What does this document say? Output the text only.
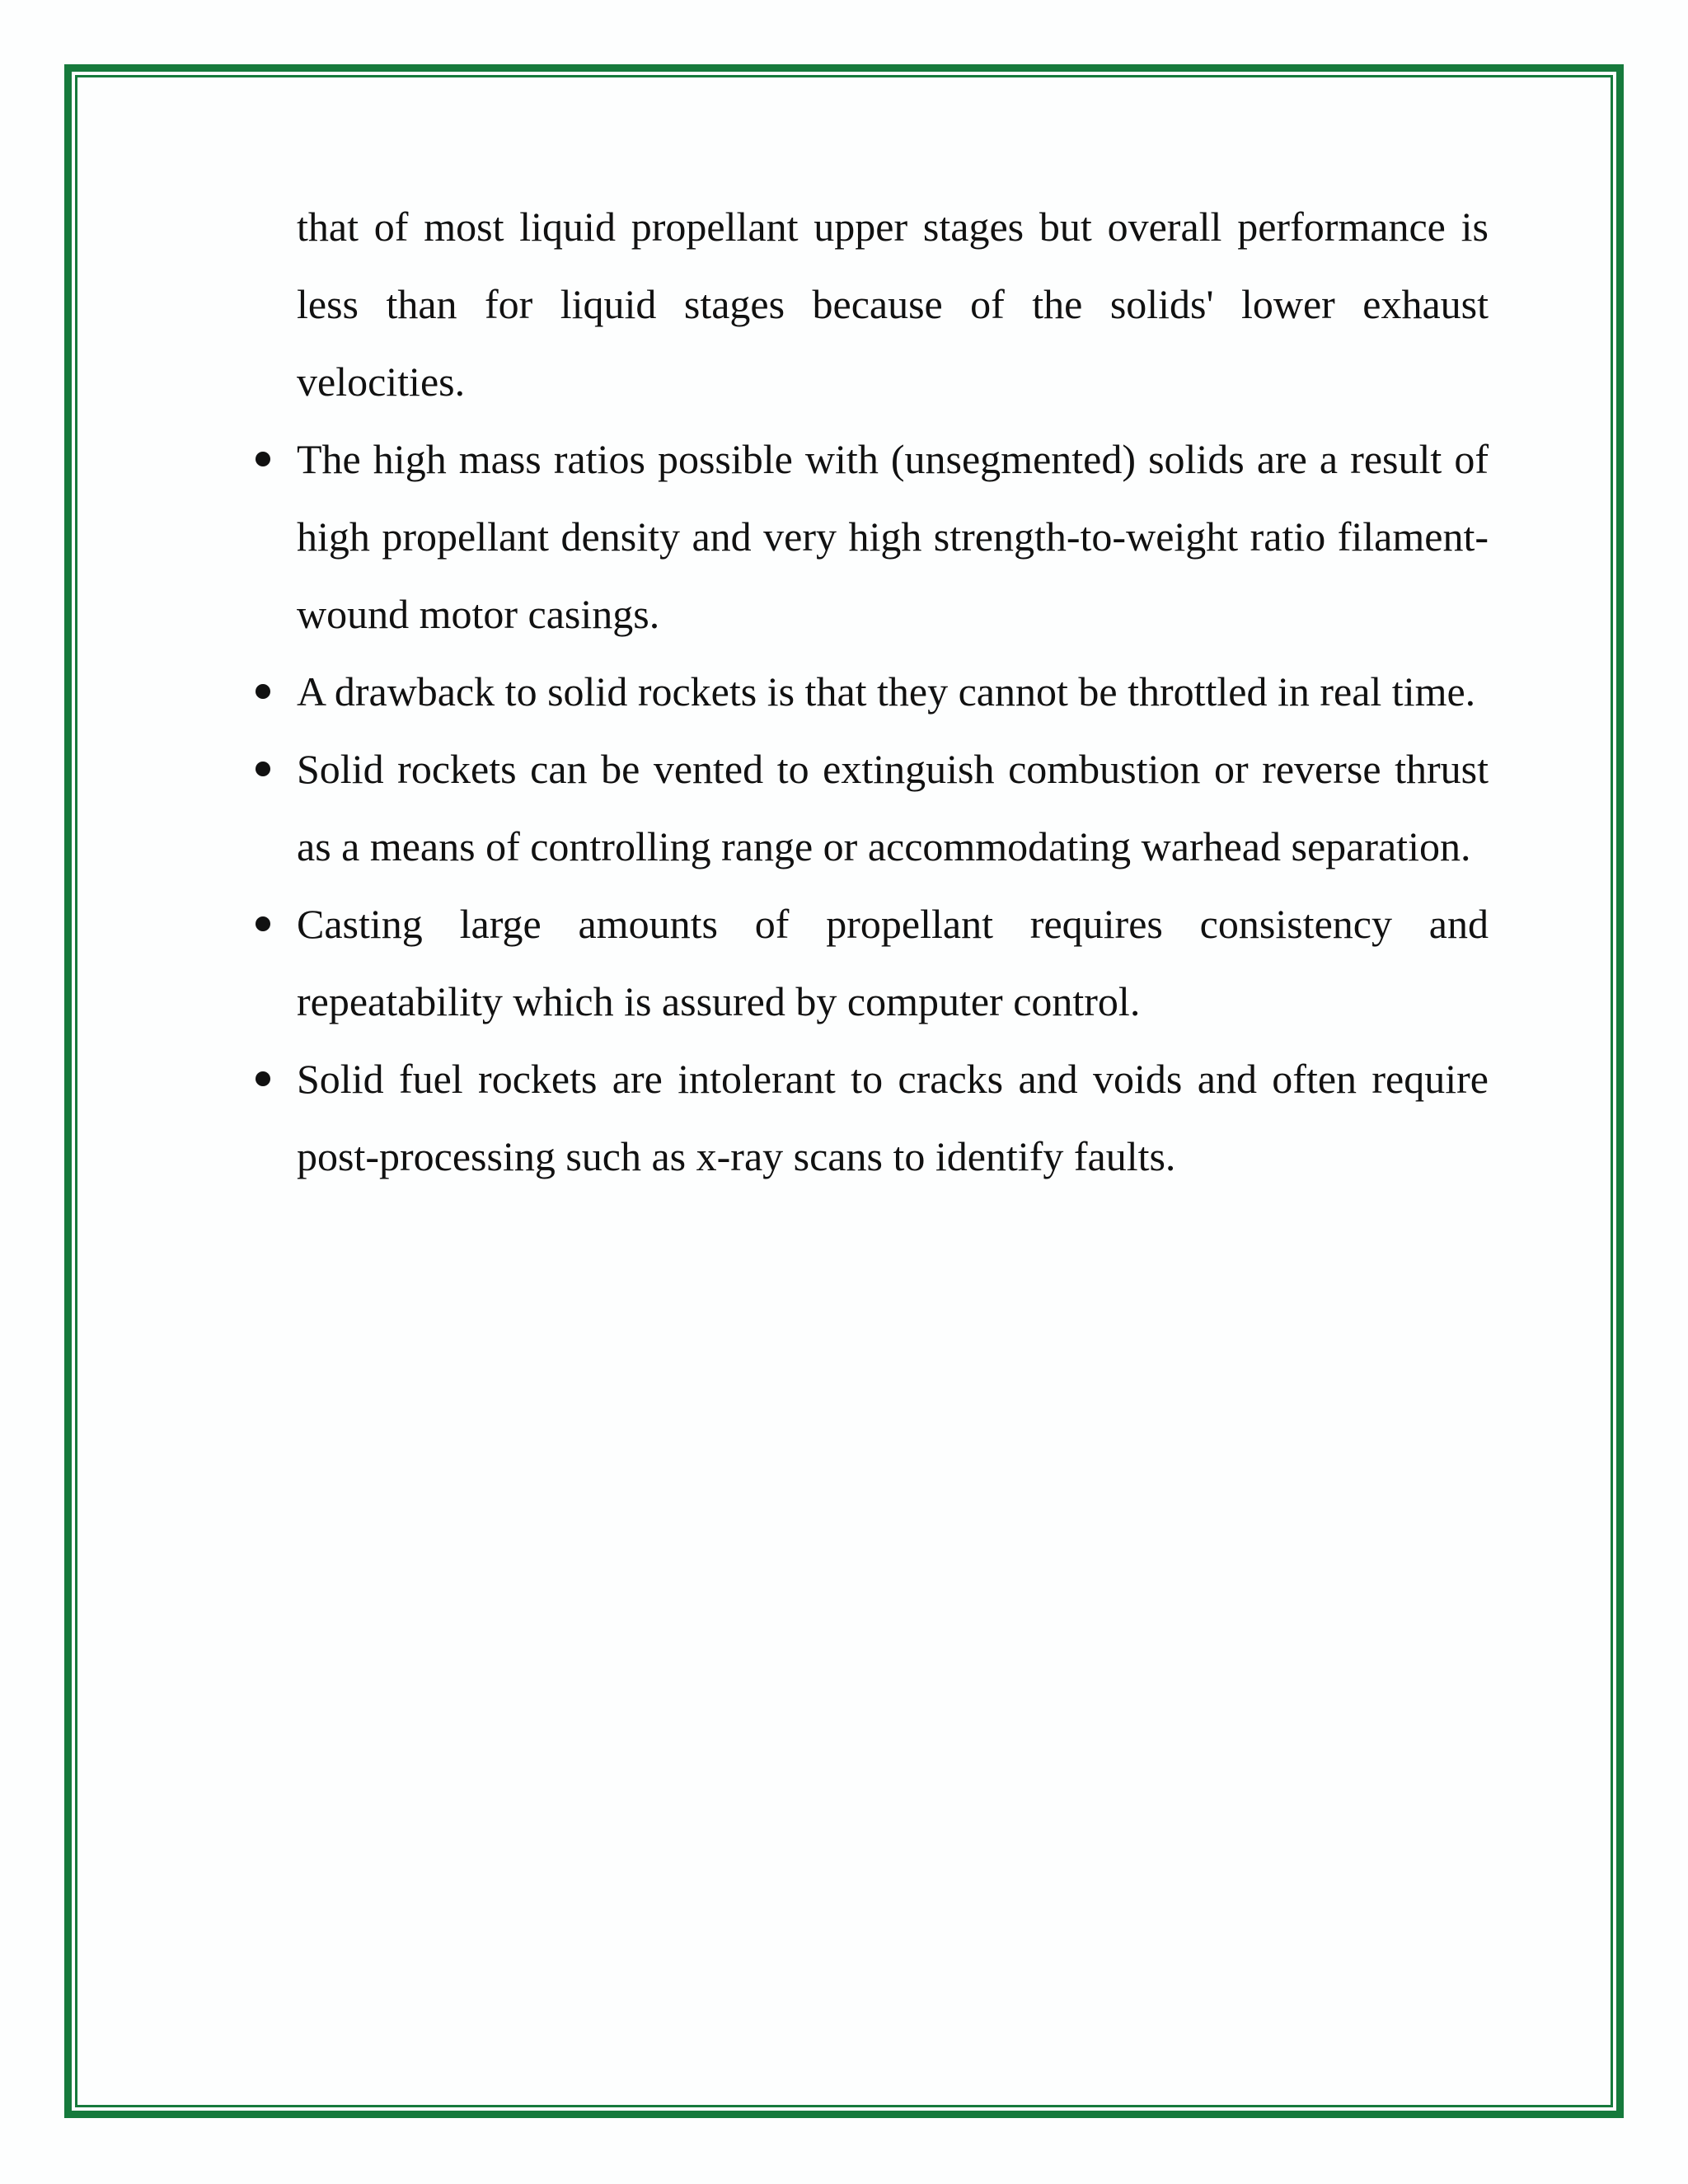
that of most liquid propellant upper stages but overall performance is less than for liquid stages because of the solids' lower exhaust velocities.

The high mass ratios possible with (unsegmented) solids are a result of high propellant density and very high strength-to-weight ratio filament-wound motor casings.
A drawback to solid rockets is that they cannot be throttled in real time.
Solid rockets can be vented to extinguish combustion or reverse thrust as a means of controlling range or accommodating warhead separation.
Casting large amounts of propellant requires consistency and repeatability which is assured by computer control.
Solid fuel rockets are intolerant to cracks and voids and often require post-processing such as x-ray scans to identify faults.
